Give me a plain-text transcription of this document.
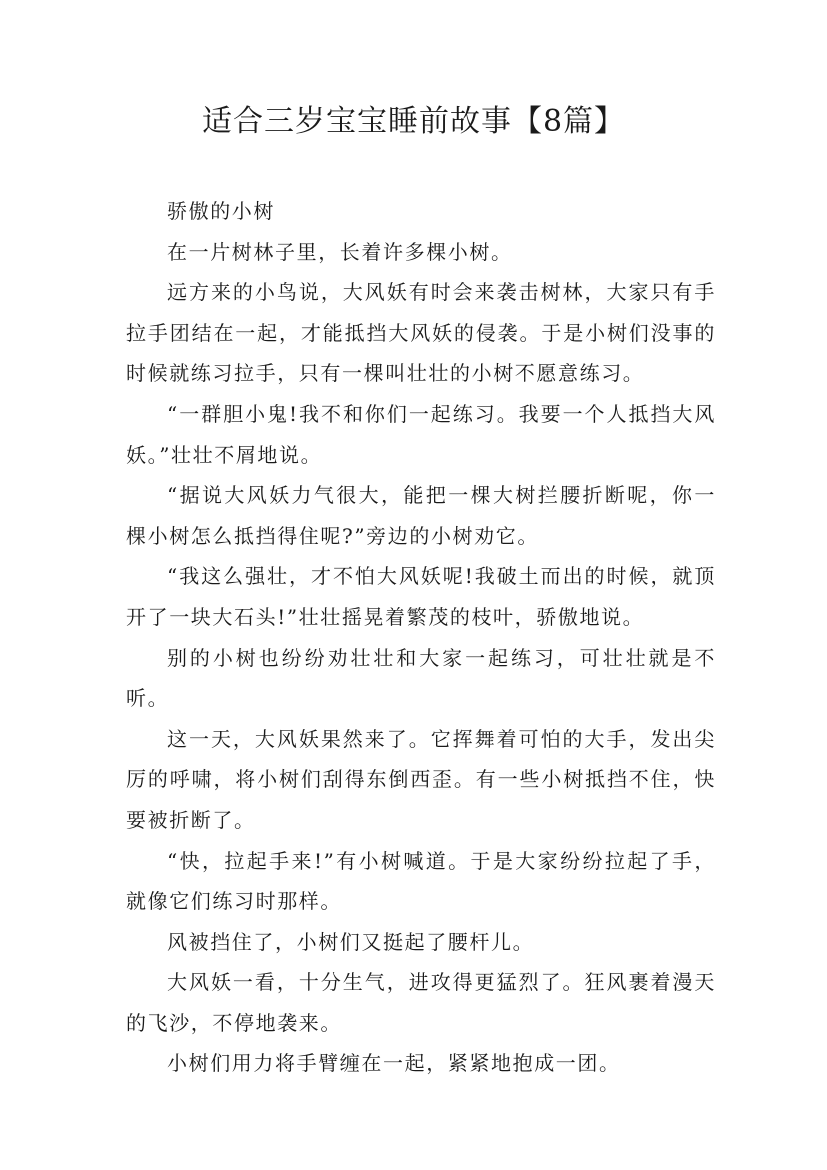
适合三岁宝宝睡前故事【8篇】

骄傲的小树

在一片树林子里，长着许多棵小树。

远方来的小鸟说，大风妖有时会来袭击树林，大家只有手拉手团结在一起，才能抵挡大风妖的侵袭。于是小树们没事的时候就练习拉手，只有一棵叫壮壮的小树不愿意练习。

“一群胆小鬼!我不和你们一起练习。我要一个人抵挡大风妖。”壮壮不屑地说。

“据说大风妖力气很大，能把一棵大树拦腰折断呢，你一棵小树怎么抵挡得住呢?”旁边的小树劝它。

“我这么强壮，才不怕大风妖呢!我破土而出的时候，就顶开了一块大石头!”壮壮摇晃着繁茂的枝叶，骄傲地说。

别的小树也纷纷劝壮壮和大家一起练习，可壮壮就是不听。

这一天，大风妖果然来了。它挥舞着可怕的大手，发出尖厉的呼啸，将小树们刮得东倒西歪。有一些小树抵挡不住，快要被折断了。

“快，拉起手来!”有小树喊道。于是大家纷纷拉起了手，就像它们练习时那样。

风被挡住了，小树们又挺起了腰杆儿。

大风妖一看，十分生气，进攻得更猛烈了。狂风裹着漫天的飞沙，不停地袭来。

小树们用力将手臂缠在一起，紧紧地抱成一团。
